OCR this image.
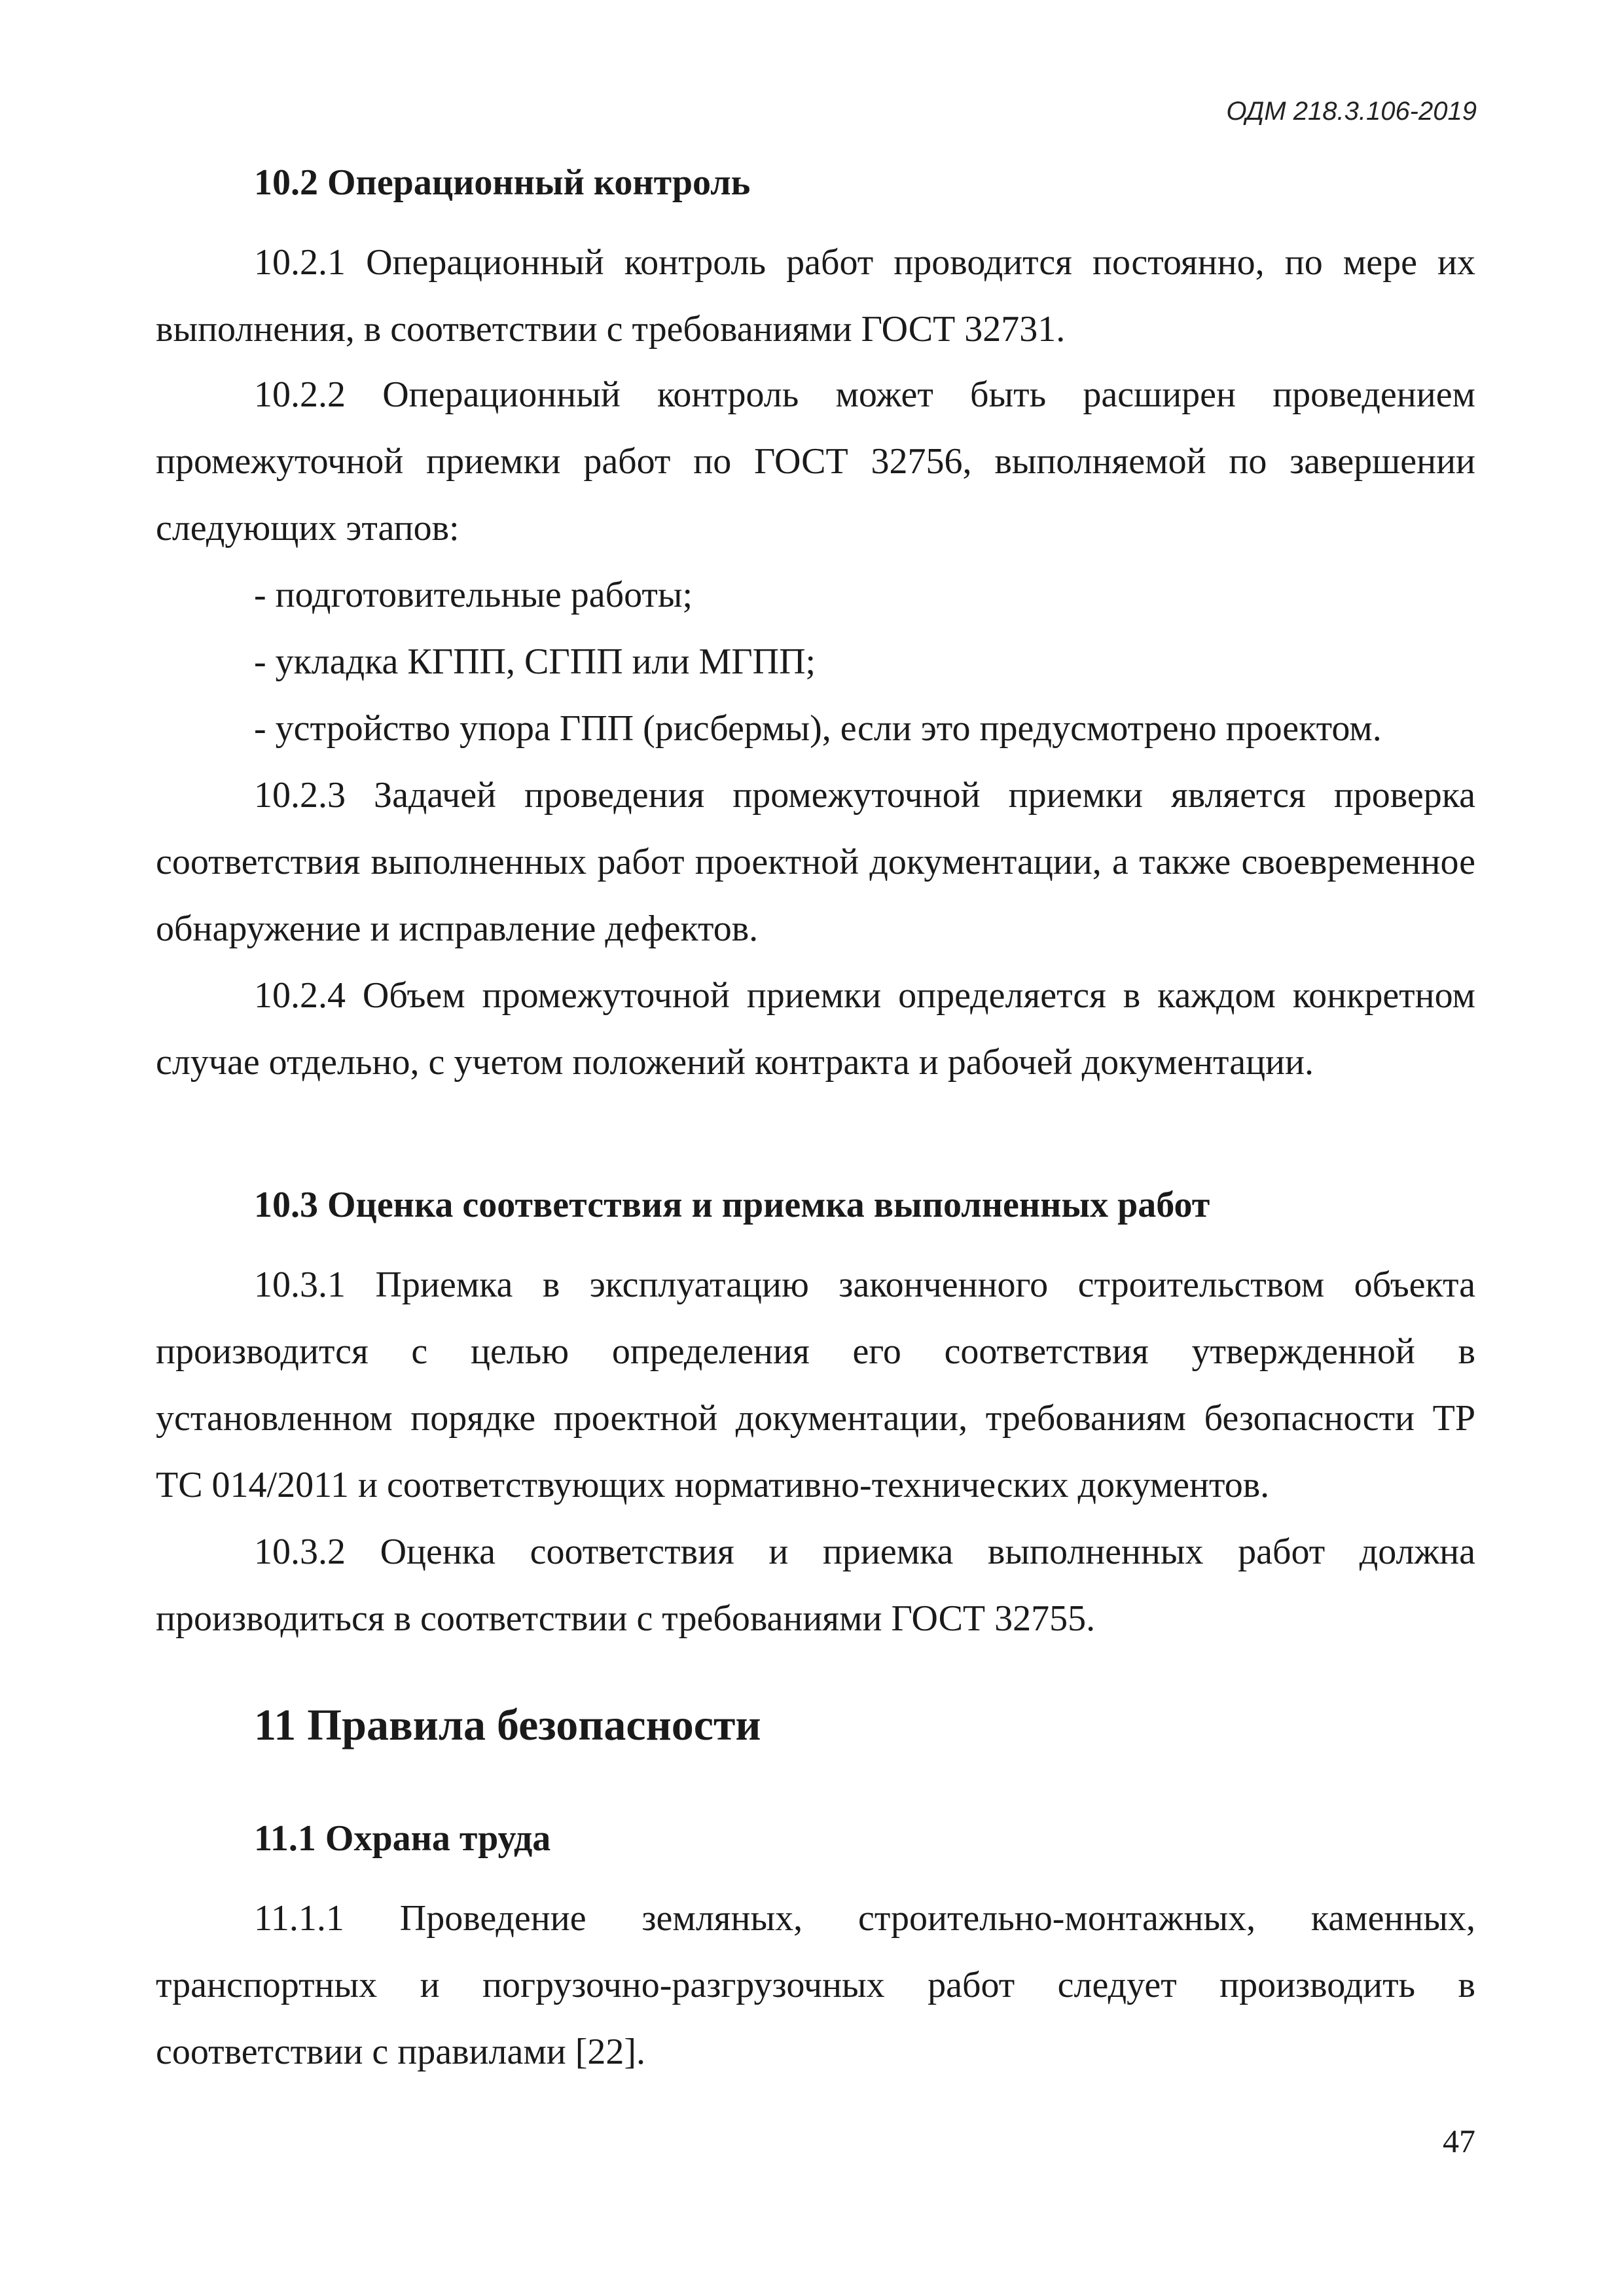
ОДМ 218.3.106-2019
10.2 Операционный контроль
10.2.1 Операционный контроль работ проводится постоянно, по мере их выполнения, в соответствии с требованиями ГОСТ 32731.
10.2.2 Операционный контроль может быть расширен проведением промежуточной приемки работ по ГОСТ 32756, выполняемой по завершении следующих этапов:
- подготовительные работы;
- укладка КГПП, СГПП или МГПП;
- устройство упора ГПП (рисбермы), если это предусмотрено проектом.
10.2.3 Задачей проведения промежуточной приемки является проверка соответствия выполненных работ проектной документации, а также своевременное обнаружение и исправление дефектов.
10.2.4 Объем промежуточной приемки определяется в каждом конкретном случае отдельно, с учетом положений контракта и рабочей документации.
10.3 Оценка соответствия и приемка выполненных работ
10.3.1 Приемка в эксплуатацию законченного строительством объекта производится с целью определения его соответствия утвержденной в установленном порядке проектной документации, требованиям безопасности ТР ТС 014/2011 и соответствующих нормативно-технических документов.
10.3.2 Оценка соответствия и приемка выполненных работ должна производиться в соответствии с требованиями ГОСТ 32755.
11 Правила безопасности
11.1 Охрана труда
11.1.1 Проведение земляных, строительно-монтажных, каменных, транспортных и погрузочно-разгрузочных работ следует производить в соответствии с правилами [22].
47
